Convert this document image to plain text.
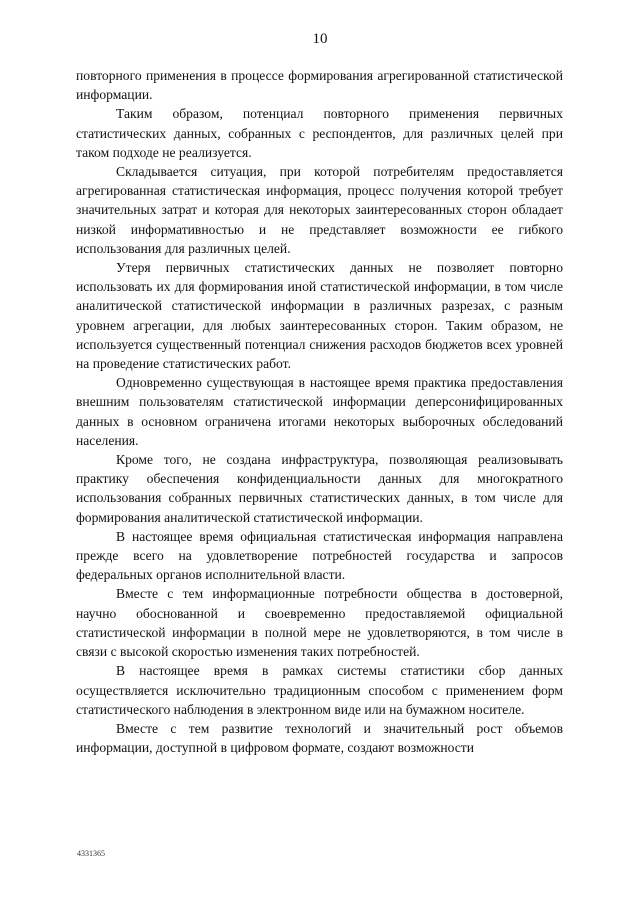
10

повторного применения в процессе формирования агрегированной статистической информации.

Таким образом, потенциал повторного применения первичных статистических данных, собранных с респондентов, для различных целей при таком подходе не реализуется.

Складывается ситуация, при которой потребителям предоставляется агрегированная статистическая информация, процесс получения которой требует значительных затрат и которая для некоторых заинтересованных сторон обладает низкой информативностью и не представляет возможности ее гибкого использования для различных целей.

Утеря первичных статистических данных не позволяет повторно использовать их для формирования иной статистической информации, в том числе аналитической статистической информации в различных разрезах, с разным уровнем агрегации, для любых заинтересованных сторон. Таким образом, не используется существенный потенциал снижения расходов бюджетов всех уровней на проведение статистических работ.

Одновременно существующая в настоящее время практика предоставления внешним пользователям статистической информации деперсонифицированных данных в основном ограничена итогами некоторых выборочных обследований населения.

Кроме того, не создана инфраструктура, позволяющая реализовывать практику обеспечения конфиденциальности данных для многократного использования собранных первичных статистических данных, в том числе для формирования аналитической статистической информации.

В настоящее время официальная статистическая информация направлена прежде всего на удовлетворение потребностей государства и запросов федеральных органов исполнительной власти.

Вместе с тем информационные потребности общества в достоверной, научно обоснованной и своевременно предоставляемой официальной статистической информации в полной мере не удовлетворяются, в том числе в связи с высокой скоростью изменения таких потребностей.

В настоящее время в рамках системы статистики сбор данных осуществляется исключительно традиционным способом с применением форм статистического наблюдения в электронном виде или на бумажном носителе.

Вместе с тем развитие технологий и значительный рост объемов информации, доступной в цифровом формате, создают возможности

4331365
